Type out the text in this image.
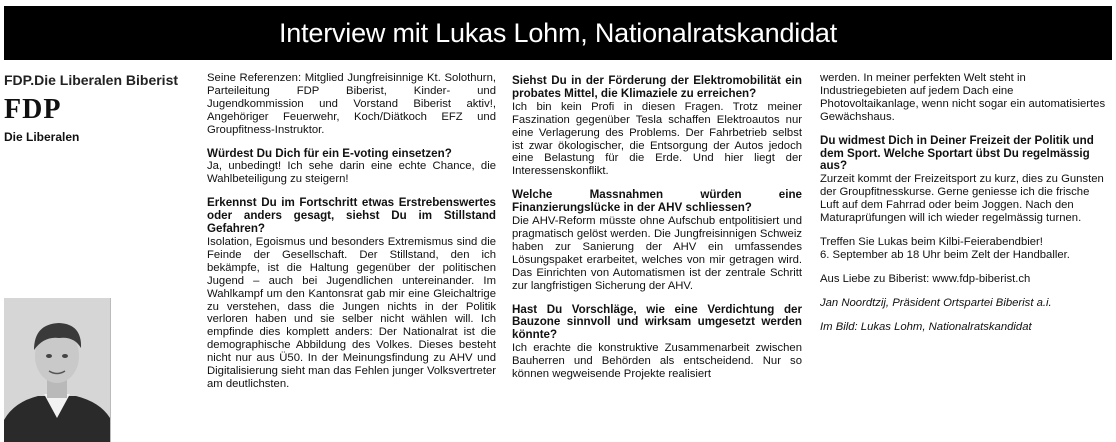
Interview mit Lukas Lohm, Nationalratskandidat
FDP.Die Liberalen Biberist
FDP
Die Liberalen

Seine Referenzen: Mitglied Jungfreisinnige Kt. Solothurn, Parteileitung FDP Biberist, Kinder- und Jugendkommission und Vorstand Biberist aktiv!, Angehöriger Feuerwehr, Koch/Diätkoch EFZ und Groupfitness-Instruktor.

Würdest Du Dich für ein E-voting einsetzen?

Ja, unbedingt! Ich sehe darin eine echte Chance, die Wahlbeteiligung zu steigern!

Erkennst Du im Fortschritt etwas Erstrebenswertes oder anders gesagt, siehst Du im Stillstand Gefahren?

Isolation, Egoismus und besonders Extremismus sind die Feinde der Gesellschaft. Der Stillstand, den ich bekämpfe, ist die Haltung gegenüber der politischen Jugend – auch bei Jugendlichen untereinander. Im Wahlkampf um den Kantonsrat gab mir eine Gleichaltrige zu verstehen, dass die Jungen nichts in der Politik verloren haben und sie selber nicht wählen will. Ich empfinde dies komplett anders: Der Nationalrat ist die demographische Abbildung des Volkes. Dieses besteht nicht nur aus Ü50. In der Meinungsfindung zu AHV und Digitalisierung sieht man das Fehlen junger Volksvertreter am deutlichsten.

Siehst Du in der Förderung der Elektromobilität ein probates Mittel, die Klimaziele zu erreichen?

Ich bin kein Profi in diesen Fragen. Trotz meiner Faszination gegenüber Tesla schaffen Elektroautos nur eine Verlagerung des Problems. Der Fahrbetrieb selbst ist zwar ökologischer, die Entsorgung der Autos jedoch eine Belastung für die Erde. Und hier liegt der Interessenskonflikt.

Welche Massnahmen würden eine Finanzierungslücke in der AHV schliessen?

Die AHV-Reform müsste ohne Aufschub entpolitisiert und pragmatisch gelöst werden. Die Jungfreisinnigen Schweiz haben zur Sanierung der AHV ein umfassendes Lösungspaket erarbeitet, welches von mir getragen wird. Das Einrichten von Automatismen ist der zentrale Schritt zur langfristigen Sicherung der AHV.

Hast Du Vorschläge, wie eine Verdichtung der Bauzone sinnvoll und wirksam umgesetzt werden könnte?

Ich erachte die konstruktive Zusammenarbeit zwischen Bauherren und Behörden als entscheidend. Nur so können wegweisende Projekte realisiert

werden. In meiner perfekten Welt steht in Industriegebieten auf jedem Dach eine Photovoltaikanlage, wenn nicht sogar ein automatisiertes Gewächshaus.

Du widmest Dich in Deiner Freizeit der Politik und dem Sport. Welche Sportart übst Du regelmässig aus?

Zurzeit kommt der Freizeitsport zu kurz, dies zu Gunsten der Groupfitnesskurse. Gerne geniesse ich die frische Luft auf dem Fahrrad oder beim Joggen. Nach den Maturaprüfungen will ich wieder regelmässig turnen.

Treffen Sie Lukas beim Kilbi-Feierabendbier!
6. September ab 18 Uhr beim Zelt der Handballer.

Aus Liebe zu Biberist: www.fdp-biberist.ch

Jan Noordtzij, Präsident Ortspartei Biberist a.i.

Im Bild: Lukas Lohm, Nationalratskandidat
